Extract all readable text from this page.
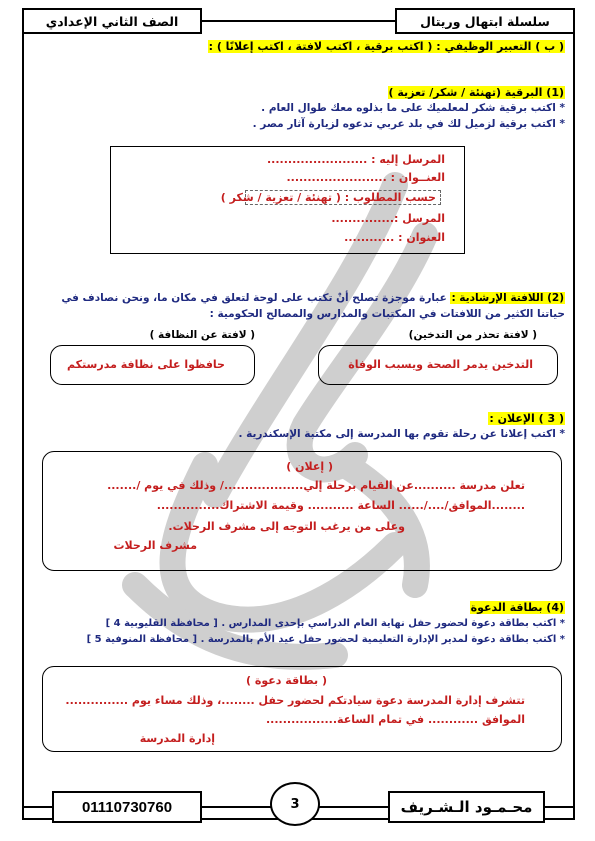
سلسلة ابتهال وريتال
الصف الثاني الإعدادي
( ب ) التعبير الوظيفي : ( اكتب برقية ، اكتب لافتة ، اكتب إعلانًا ) :
(1) البرقية (تهنئة / شكر/ تعزية )
* اكتب برقية شكر لمعلميك على ما بذلوه معك طوال العام .
* اكتب برقية لزميل لك في بلد عربي تدعوه لزيارة آثار مصر .
المرسل إليه : ........................
العنــوان : ........................
حسب المطلوب : ( تهنئة / تعزية / شكر )
المرسل :...............
العنوان : ............
(2) اللافتة الإرشادية : عبارة موجزة تصلح أنْ تكتب على لوحة لتعلق في مكان ما، ونحن نصادف في
حياتنا الكثير من اللافتات في المكتبات والمدارس والمصالح الحكومية :
( لافتة تحذر من التدخين)
( لافتة عن النظافة )
التدخين يدمر الصحة ويسبب الوفاة
حافظوا على نظافة مدرستكم
( 3 ) الإعلان :
* اكتب إعلانا عن رحلة تقوم بها المدرسة إلى مكتبة الإسكندرية .
( إعلان )
تعلن مدرسة ..........عن القيام برحلة إلي.................../ وذلك في يوم /.......
........الموافق/..../...... الساعة ........... وقيمة الاشتراك...............
وعلى من يرغب التوجه إلى مشرف الرحلات.
مشرف الرحلات
(4) بطاقة الدعوة
* اكتب بطاقة دعوة لحضور حفل نهاية العام الدراسي بإحدى المدارس . [ محافظة القليوبية 4 ]
* اكتب بطاقة دعوة لمدير الإدارة التعليمية لحضور حفل عيد الأم بالمدرسة . [ محافظة المنوفية 5 ]
( بطاقة دعوة )
تتشرف إدارة المدرسة دعوة سيادتكم لحضور حفل ........، وذلك مساء يوم ...............
الموافق ............ في تمام الساعة.................
إدارة المدرسة
محـمـود الـشـريف
3
01110730760
